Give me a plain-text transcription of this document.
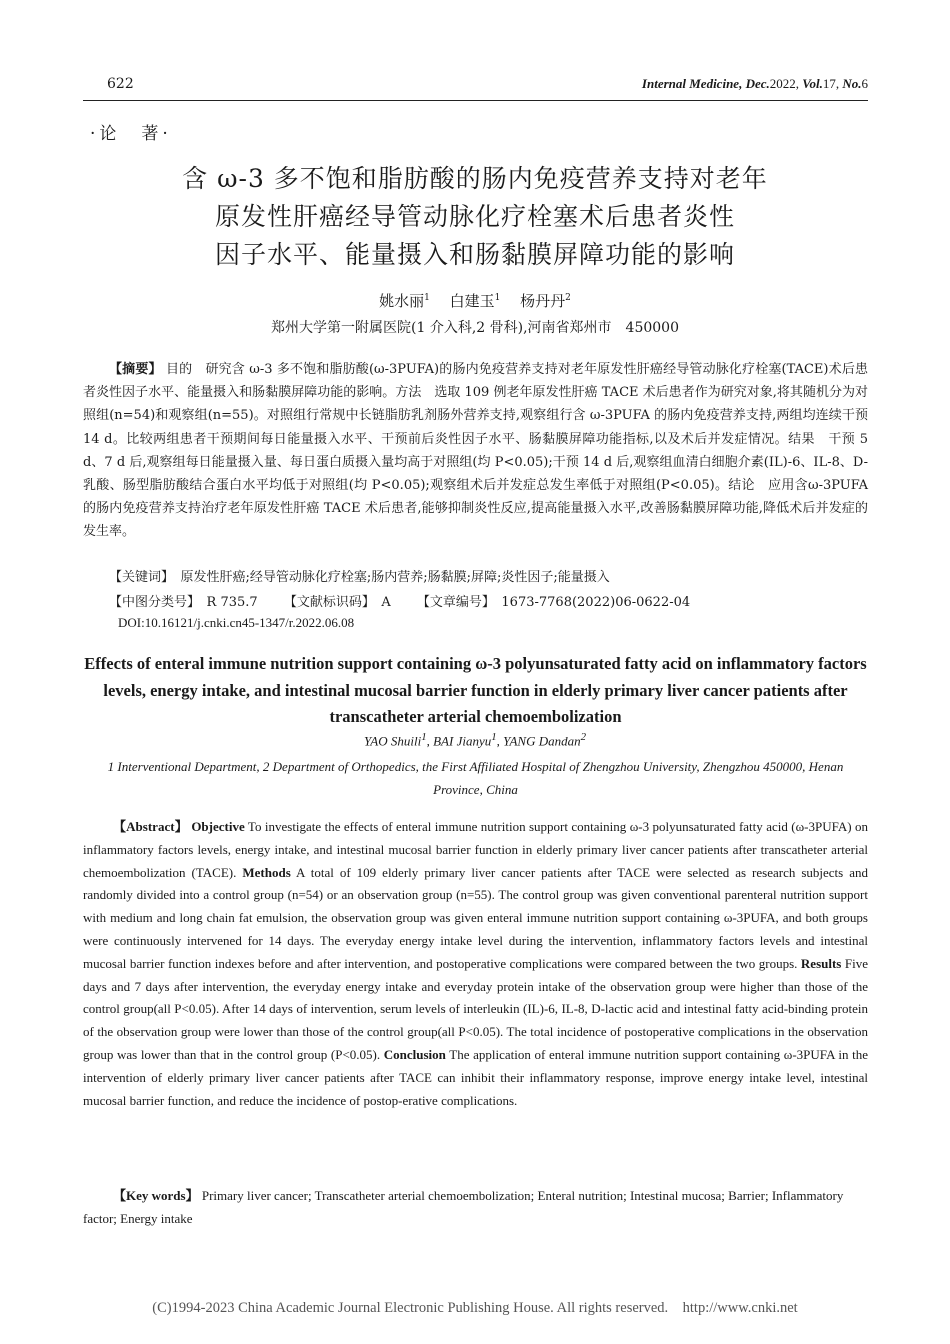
622	Internal Medicine, Dec.2022, Vol.17, No.6
·论　著·
含 ω-3 多不饱和脂肪酸的肠内免疫营养支持对老年
原发性肝癌经导管动脉化疗栓塞术后患者炎性
因子水平、能量摄入和肠黏膜屏障功能的影响
姚水丽$^1$　 白建玉$^1$　 杨丹丹$^2$
郑州大学第一附属医院(1 介入科,2 骨科),河南省郑州市　450000
【摘要】 目的　研究含 ω-3 多不饱和脂肪酸(ω-3PUFA)的肠内免疫营养支持对老年原发性肝癌经导管动脉化疗栓塞(TACE)术后患者炎性因子水平、能量摄入和肠黏膜屏障功能的影响。方法　选取 109 例老年原发性肝癌 TACE 术后患者作为研究对象,将其随机分为对照组(n=54)和观察组(n=55)。对照组行常规中长链脂肪乳剂肠外营养支持,观察组行含 ω-3PUFA 的肠内免疫营养支持,两组均连续干预 14 d。比较两组患者干预期间每日能量摄入水平、干预前后炎性因子水平、肠黏膜屏障功能指标,以及术后并发症情况。结果　干预 5 d、7 d 后,观察组每日能量摄入量、每日蛋白质摄入量均高于对照组(均 P<0.05);干预 14 d 后,观察组血清白细胞介素(IL)-6、IL-8、D-乳酸、肠型脂肪酸结合蛋白水平均低于对照组(均 P<0.05);观察组术后并发症总发生率低于对照组(P<0.05)。结论　应用含ω-3PUFA 的肠内免疫营养支持治疗老年原发性肝癌 TACE 术后患者,能够抑制炎性反应,提高能量摄入水平,改善肠黏膜屏障功能,降低术后并发症的发生率。
【关键词】　 原发性肝癌;经导管动脉化疗栓塞;肠内营养;肠黏膜;屏障;炎性因子;能量摄入
【中图分类号】　 R 735.7 【文献标识码】　 A 【文章编号】　 1673-7768(2022)06-0622-04
DOI:10.16121/j.cnki.cn45-1347/r.2022.06.08
Effects of enteral immune nutrition support containing ω-3 polyunsaturated fatty acid on inflammatory factors levels, energy intake, and intestinal mucosal barrier function in elderly primary liver cancer patients after transcatheter arterial chemoembolization
YAO Shuili$^1$, BAI Jianyu$^1$, YANG Dandan$^2$
1 Interventional Department, 2 Department of Orthopedics, the First Affiliated Hospital of Zhengzhou University, Zhengzhou 450000, Henan Province, China
【Abstract】 Objective To investigate the effects of enteral immune nutrition support containing ω-3 polyunsaturated fatty acid (ω-3PUFA) on inflammatory factors levels, energy intake, and intestinal mucosal barrier function in elderly primary liver cancer patients after transcatheter arterial chemoembolization (TACE). Methods A total of 109 elderly primary liver cancer patients after TACE were selected as research subjects and randomly divided into a control group (n=54) or an observation group (n=55). The control group was given conventional parenteral nutrition support with medium and long chain fat emulsion, the observation group was given enteral immune nutrition support containing ω-3PUFA, and both groups were continuously intervened for 14 days. The everyday energy intake level during the intervention, inflammatory factors levels and intestinal mucosal barrier function indexes before and after intervention, and postoperative complications were compared between the two groups. Results Five days and 7 days after intervention, the everyday energy intake and everyday protein intake of the observation group were higher than those of the control group(all P<0.05). After 14 days of intervention, serum levels of interleukin (IL)-6, IL-8, D-lactic acid and intestinal fatty acid-binding protein of the observation group were lower than those of the control group(all P<0.05). The total incidence of postoperative complications in the observation group was lower than that in the control group (P<0.05). Conclusion The application of enteral immune nutrition support containing ω-3PUFA in the intervention of elderly primary liver cancer patients after TACE can inhibit their inflammatory response, improve energy intake level, intestinal mucosal barrier function, and reduce the incidence of postop-erative complications.
【Key words】 Primary liver cancer; Transcatheter arterial chemoembolization; Enteral nutrition; Intestinal mucosa; Barrier; Inflammatory factor; Energy intake
(C)1994-2023 China Academic Journal Electronic Publishing House. All rights reserved.　http://www.cnki.net
